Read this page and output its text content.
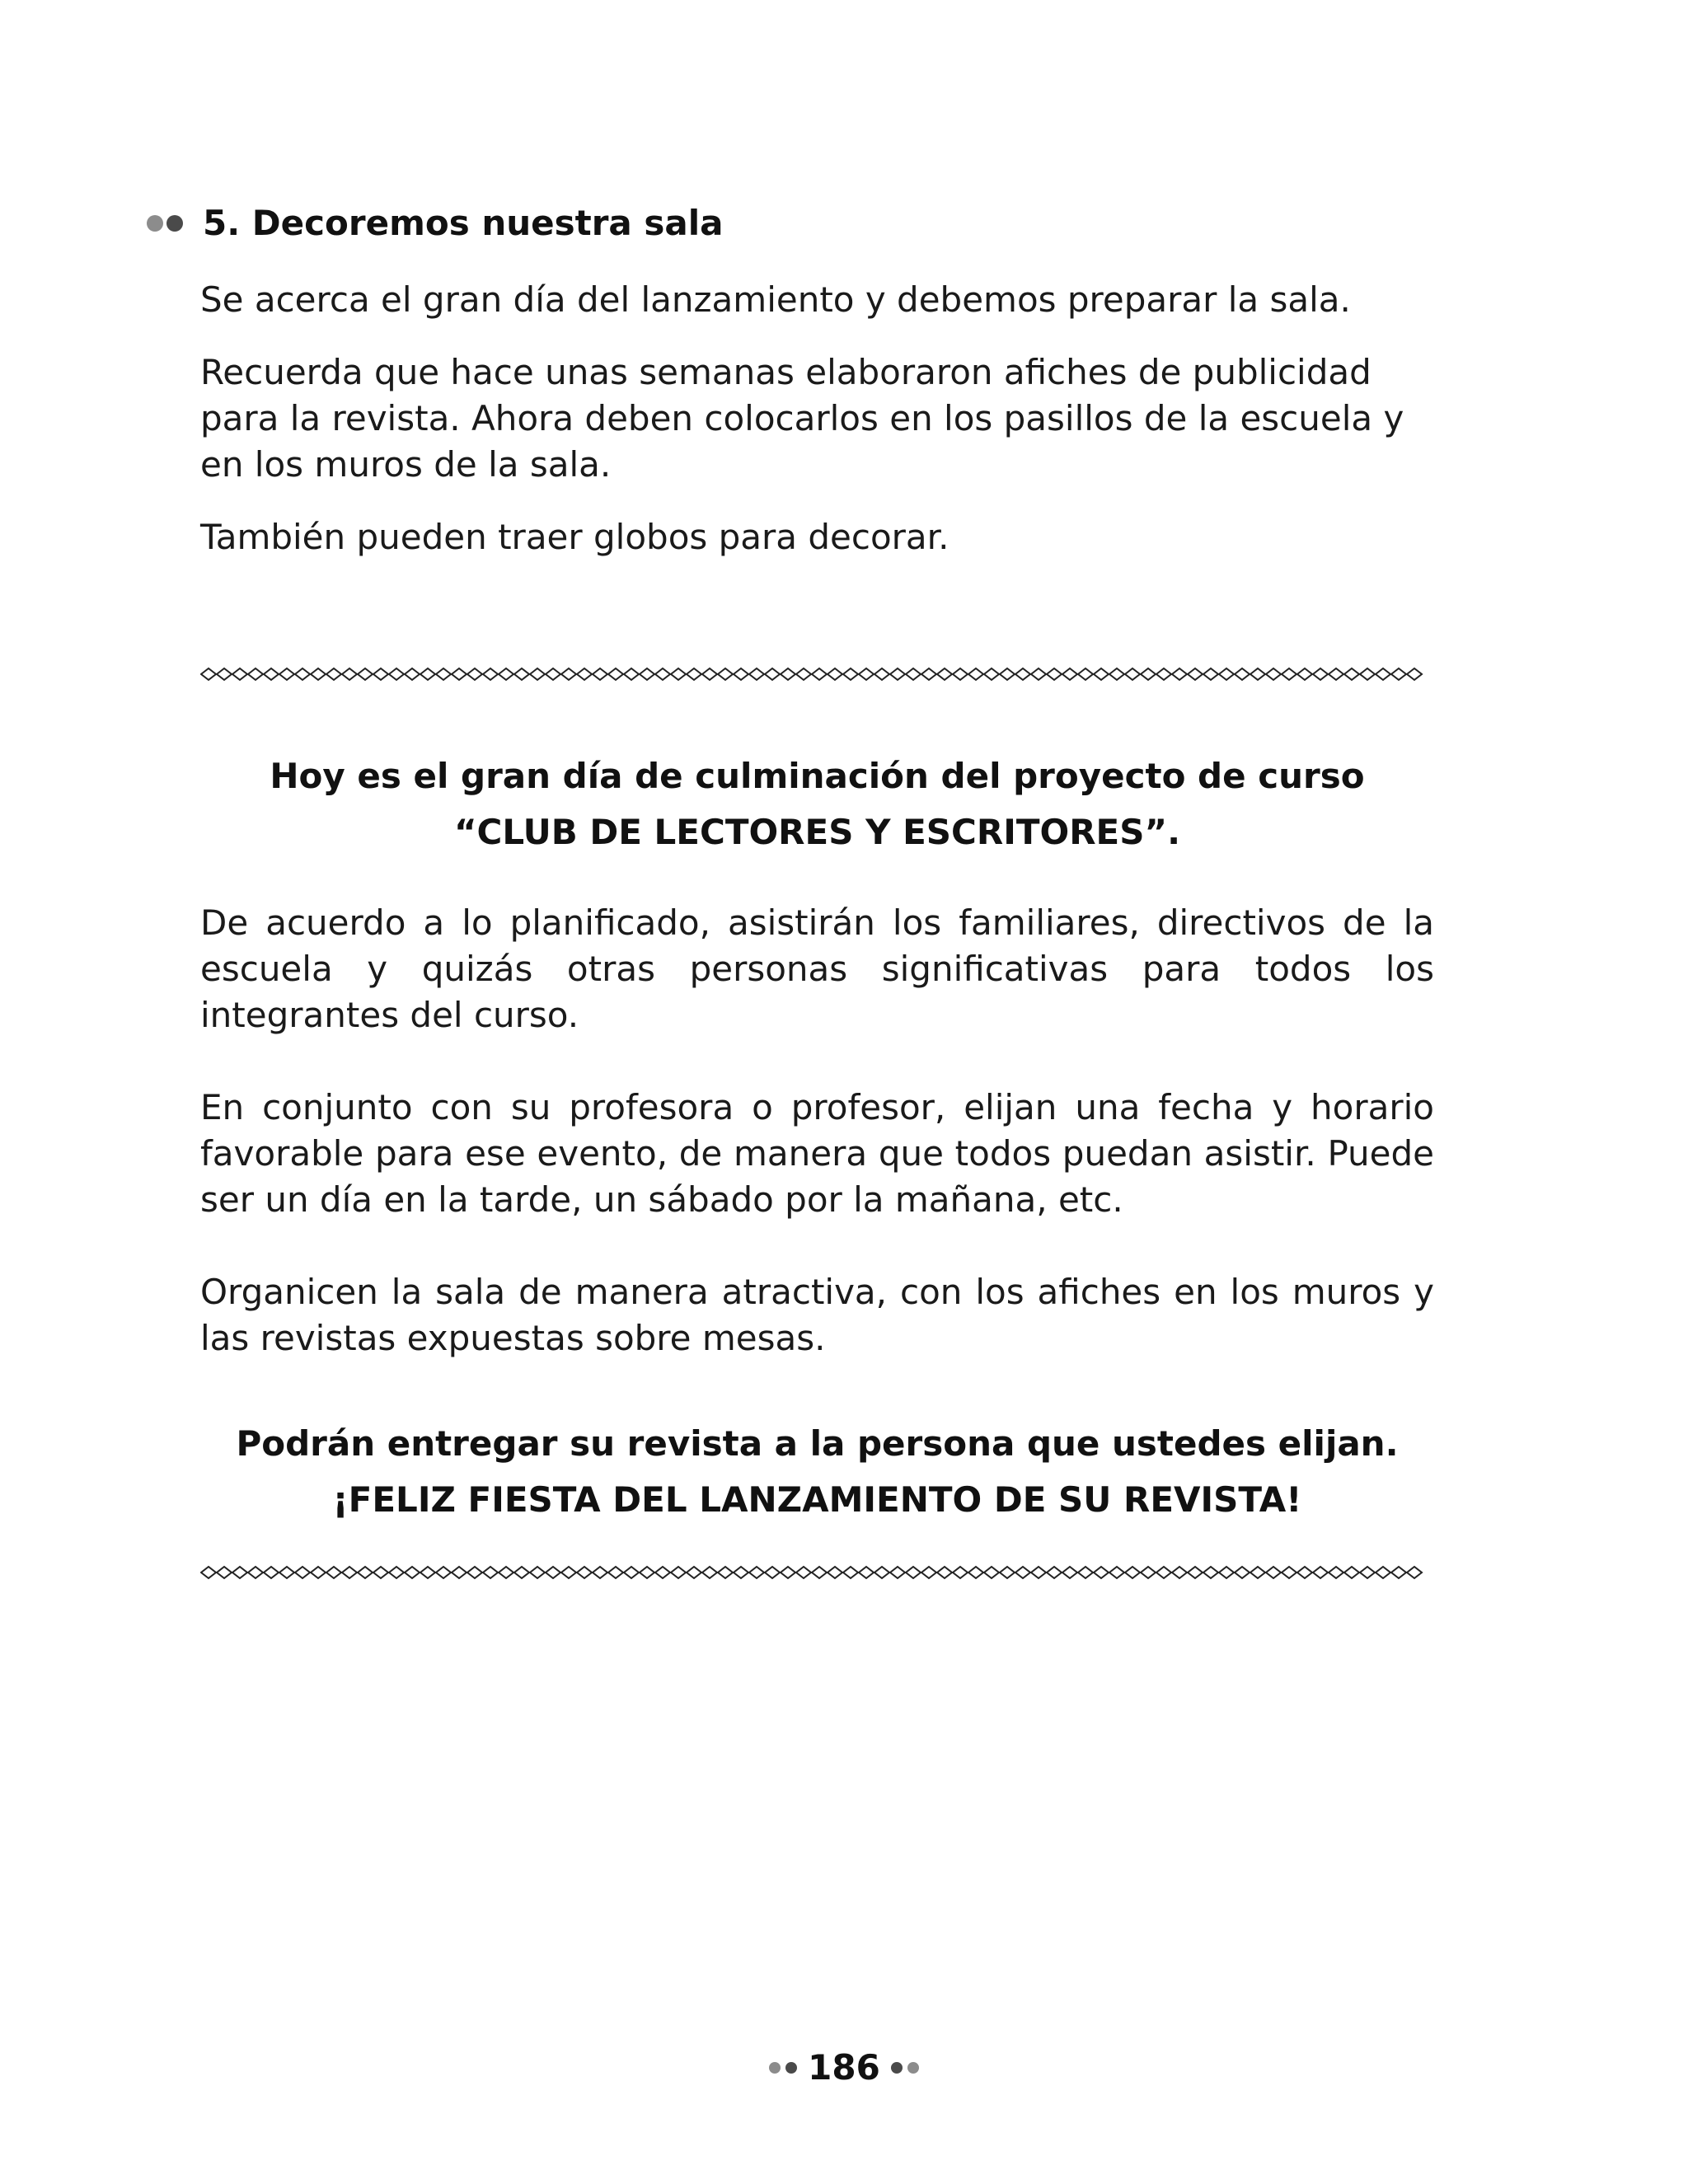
5. Decoremos nuestra sala

Se acerca el gran día del lanzamiento y debemos preparar la sala.

Recuerda que hace unas semanas elaboraron afiches de publicidad para la revista. Ahora deben colocarlos en los pasillos de la escuela y en los muros de la sala.

También pueden traer globos para decorar.

Hoy es el gran día de culminación del proyecto de curso
“CLUB DE LECTORES Y ESCRITORES”.

De acuerdo a lo planificado, asistirán los familiares, directivos de la escuela y quizás otras personas significativas para todos los integrantes del curso.

En conjunto con su profesora o profesor, elijan una fecha y horario favorable para ese evento, de manera que todos puedan asistir. Puede ser un día en la tarde, un sábado por la mañana, etc.

Organicen la sala de manera atractiva, con los afiches en los muros y las revistas expuestas sobre mesas.

Podrán entregar su revista a la persona que ustedes elijan.
¡FELIZ FIESTA DEL LANZAMIENTO DE SU REVISTA!
186
